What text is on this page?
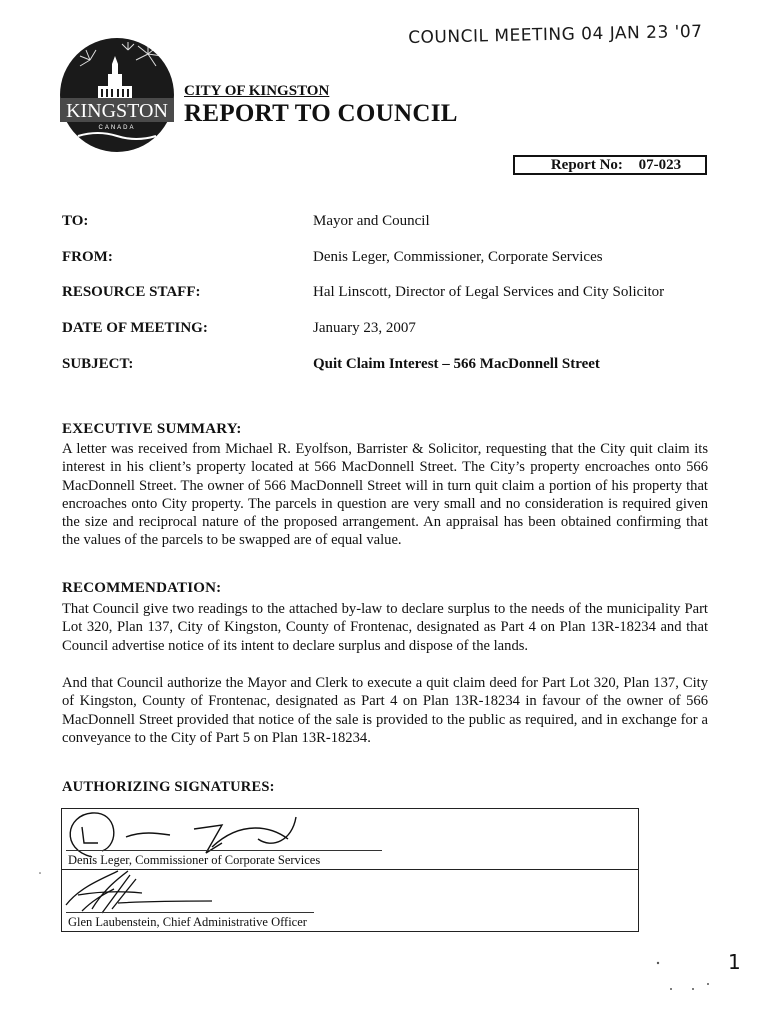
COUNCIL MEETING 04 JAN 23 '07
KINGSTON
CANADA
CITY OF KINGSTON
REPORT TO COUNCIL
Report No: 07-023
TO:	Mayor and Council
FROM:	Denis Leger, Commissioner, Corporate Services
RESOURCE STAFF:	Hal Linscott, Director of Legal Services and City Solicitor
DATE OF MEETING:	January 23, 2007
SUBJECT:	Quit Claim Interest – 566 MacDonnell Street
EXECUTIVE SUMMARY:

A letter was received from Michael R. Eyolfson, Barrister & Solicitor, requesting that the City quit claim its interest in his client’s property located at 566 MacDonnell Street. The City’s property encroaches onto 566 MacDonnell Street. The owner of 566 MacDonnell Street will in turn quit claim a portion of his property that encroaches onto City property. The parcels in question are very small and no consideration is required given the size and reciprocal nature of the proposed arrangement. An appraisal has been obtained confirming that the values of the parcels to be swapped are of equal value.

RECOMMENDATION:

That Council give two readings to the attached by-law to declare surplus to the needs of the municipality Part Lot 320, Plan 137, City of Kingston, County of Frontenac, designated as Part 4 on Plan 13R-18234 and that Council advertise notice of its intent to declare surplus and dispose of the lands.

And that Council authorize the Mayor and Clerk to execute a quit claim deed for Part Lot 320, Plan 137, City of Kingston, County of Frontenac, designated as Part 4 on Plan 13R-18234 in favour of the owner of 566 MacDonnell Street provided that notice of the sale is provided to the public as required, and in exchange for a conveyance to the City of Part 5 on Plan 13R-18234.

AUTHORIZING SIGNATURES:
Denis Leger, Commissioner of Corporate Services
Glen Laubenstein, Chief Administrative Officer
1
